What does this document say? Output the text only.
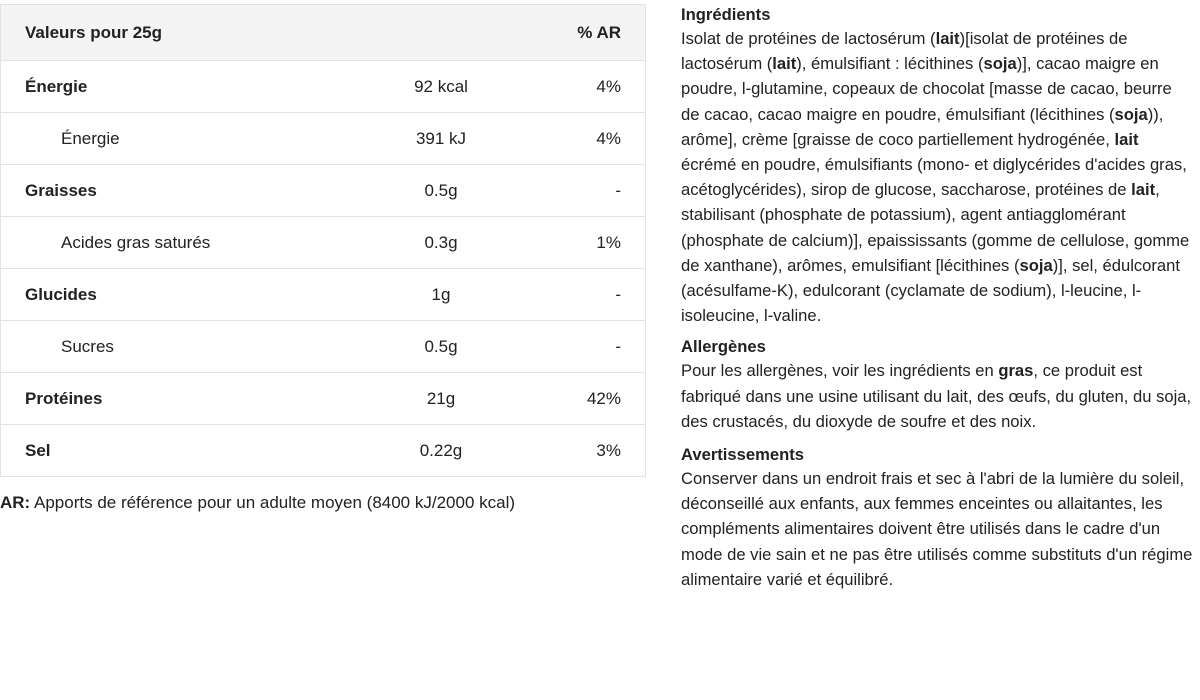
Valeurs pour 25g		% AR
Énergie	92 kcal	4%
Énergie	391 kJ	4%
Graisses	0.5g	-
Acides gras saturés	0.3g	1%
Glucides	1g	-
Sucres	0.5g	-
Protéines	21g	42%
Sel	0.22g	3%
AR: Apports de référence pour un adulte moyen (8400 kJ/2000 kcal)
Ingrédients

Isolat de protéines de lactosérum (lait)[isolat de protéines de lactosérum (lait), émulsifiant : lécithines (soja)], cacao maigre en poudre, l-glutamine, copeaux de chocolat [masse de cacao, beurre de cacao, cacao maigre en poudre, émulsifiant (lécithines (soja)), arôme], crème [graisse de coco partiellement hydrogénée, lait écrémé en poudre, émulsifiants (mono- et diglycérides d'acides gras, acétoglycérides), sirop de glucose, saccharose, protéines de lait, stabilisant (phosphate de potassium), agent antiagglomérant (phosphate de calcium)], epaississants (gomme de cellulose, gomme de xanthane), arômes, emulsifiant [lécithines (soja)], sel, édulcorant (acésulfame-K), edulcorant (cyclamate de sodium), l-leucine, l-isoleucine, l-valine.

Allergènes

Pour les allergènes, voir les ingrédients en gras, ce produit est fabriqué dans une usine utilisant du lait, des œufs, du gluten, du soja, des crustacés, du dioxyde de soufre et des noix.

Avertissements

Conserver dans un endroit frais et sec à l'abri de la lumière du soleil, déconseillé aux enfants, aux femmes enceintes ou allaitantes, les compléments alimentaires doivent être utilisés dans le cadre d'un mode de vie sain et ne pas être utilisés comme substituts d'un régime alimentaire varié et équilibré.
